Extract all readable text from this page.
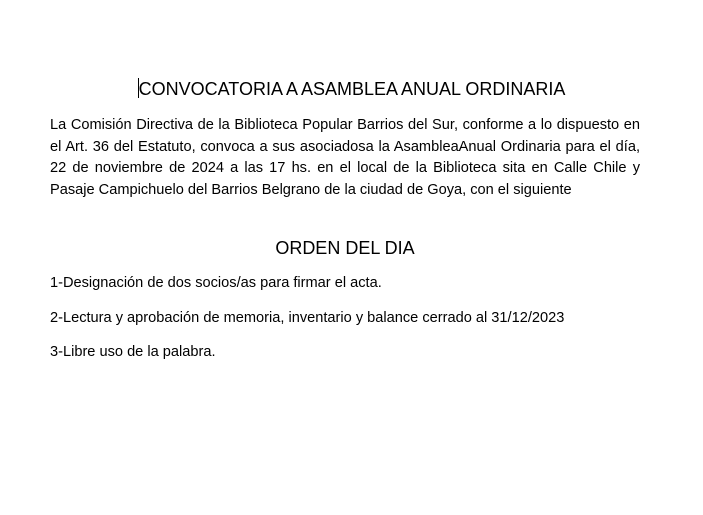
CONVOCATORIA A ASAMBLEA ANUAL ORDINARIA

La Comisión Directiva de la Biblioteca Popular Barrios del Sur, conforme a lo dispuesto en el Art. 36 del Estatuto, convoca a sus asociadosa la AsambleaAnual Ordinaria para el día, 22 de noviembre de 2024 a las 17 hs. en el local de la Biblioteca sita en Calle Chile y Pasaje Campichuelo del Barrios Belgrano de la ciudad de Goya, con el siguiente

ORDEN DEL DIA

1-Designación de dos socios/as para firmar el acta.

2-Lectura y aprobación de memoria, inventario y balance cerrado al 31/12/2023

3-Libre uso de la palabra.
